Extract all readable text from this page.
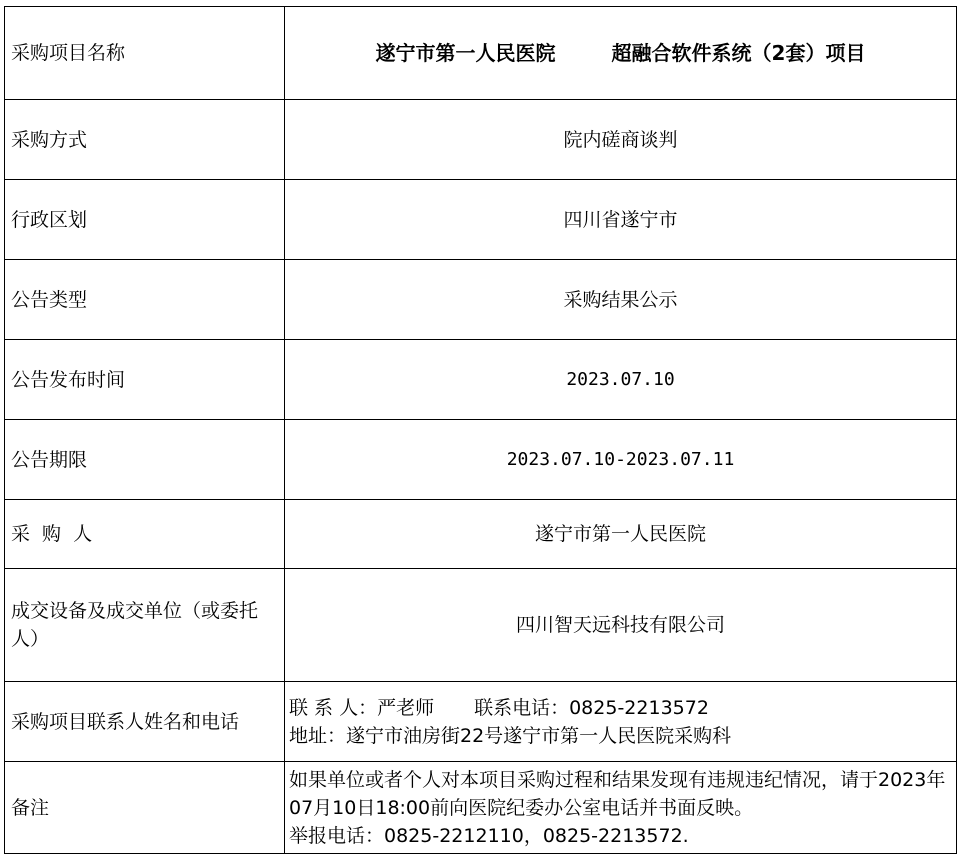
采购项目名称	遂宁市第一人民医院 超融合软件系统（2套）项目
采购方式	院内磋商谈判
行政区划	四川省遂宁市
公告类型	采购结果公示
公告发布时间	2023.07.10
公告期限	2023.07.10-2023.07.11
采 购 人	遂宁市第一人民医院
成交设备及成交单位（或委托人）	四川智天远科技有限公司
采购项目联系人姓名和电话	联 系 人：严老师 联系电话：0825-2213572
地址：遂宁市油房街22号遂宁市第一人民医院采购科

备注	如果单位或者个人对本项目采购过程和结果发现有违规违纪情况，请于2023年07月10日18:00前向医院纪委办公室电话并书面反映。
举报电话：0825-2212110，0825-2213572.
